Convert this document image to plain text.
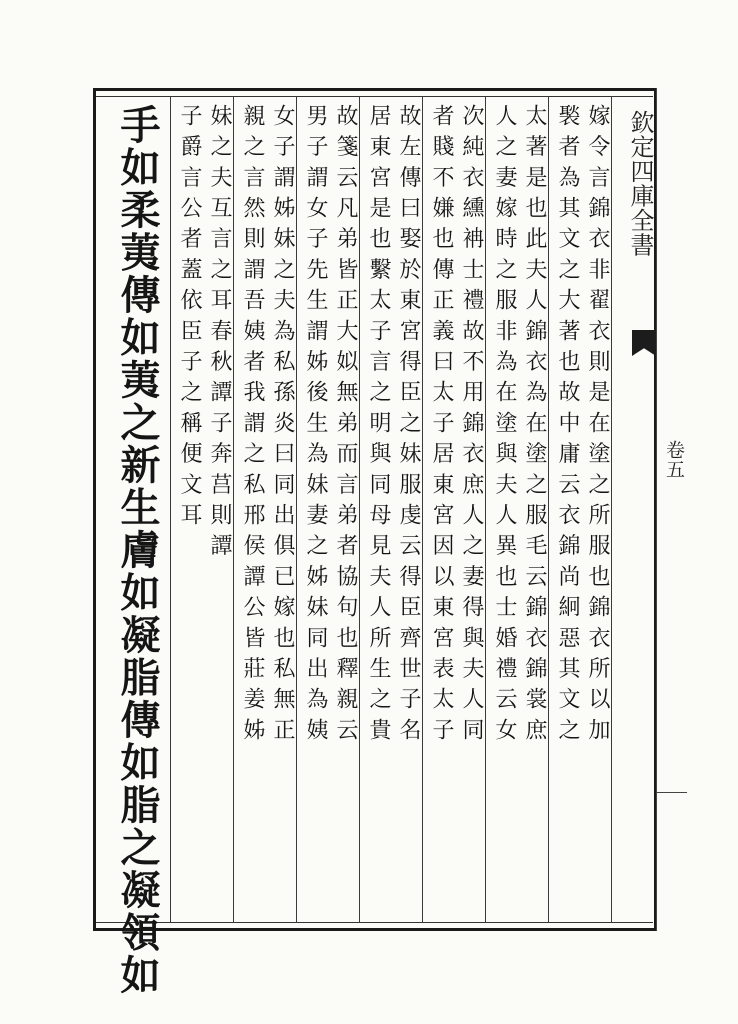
欽定四庫全書
卷五
嫁令言錦衣非翟衣則是在塗之所服也錦衣所以加
褧者為其文之大著也故中庸云衣錦尚絅惡其文之
太著是也此夫人錦衣為在塗之服毛云錦衣錦裳庶
人之妻嫁時之服非為在塗與夫人異也士婚禮云女
次純衣纁袡士禮故不用錦衣庶人之妻得與夫人同
者賤不嫌也傳正義曰太子居東宮因以東宮表太子
故左傳曰娶於東宮得臣之妹服虔云得臣齊世子名
居東宮是也繫太子言之明與同母見夫人所生之貴
故箋云凡弟皆正大姒無弟而言弟者協句也釋親云
男子謂女子先生謂姊後生為妹妻之姊妹同出為姨
女子謂姊妹之夫為私孫炎曰同出俱已嫁也私無正
親之言然則謂吾姨者我謂之私邢侯譚公皆莊姜姊
妹之夫互言之耳春秋譚子奔莒則譚
子爵言公者蓋依臣子之稱便文耳
手如柔荑傳如荑之新生膚如凝脂傳如脂之凝領如
